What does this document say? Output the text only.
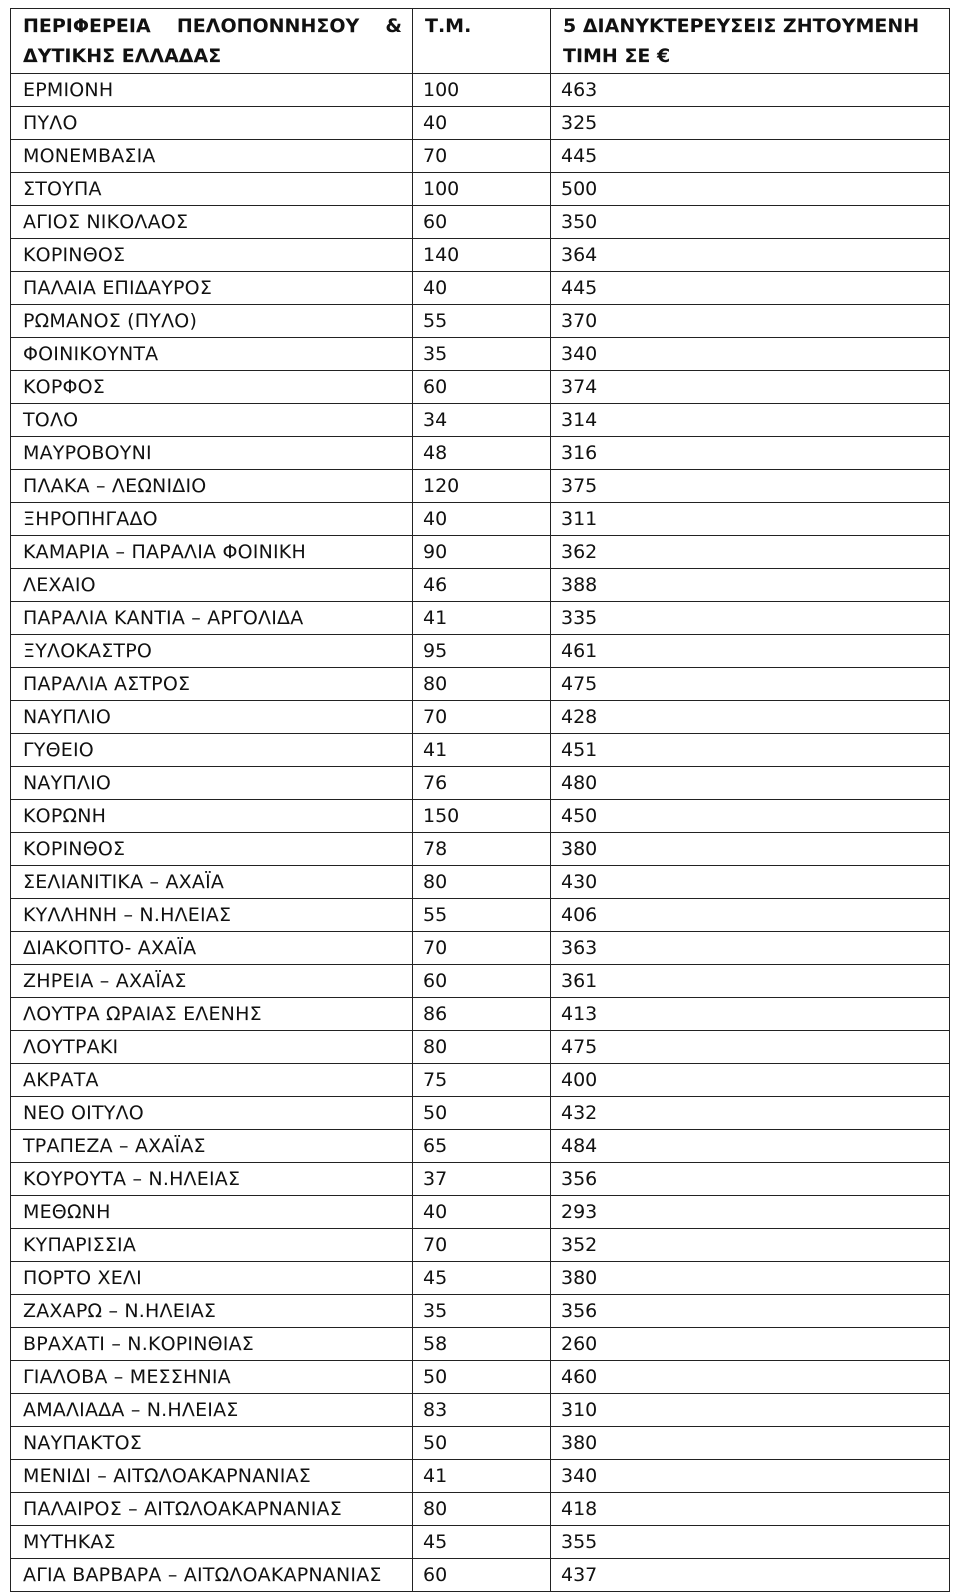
ΠΕΡΙΦΕΡΕΙΑ ΠΕΛΟΠΟΝΝΗΣΟΥ & ΔΥΤΙΚΗΣ ΕΛΛΑΔΑΣ	Τ.Μ.	5 ΔΙΑΝΥΚΤΕΡΕΥΣΕΙΣ ΖΗΤΟΥΜΕΝΗ ΤΙΜΗ ΣΕ €
ΕΡΜΙΟΝΗ	100	463
ΠΥΛΟ	40	325
ΜΟΝΕΜΒΑΣΙΑ	70	445
ΣΤΟΥΠΑ	100	500
ΑΓΙΟΣ ΝΙΚΟΛΑΟΣ	60	350
ΚΟΡΙΝΘΟΣ	140	364
ΠΑΛΑΙΑ ΕΠΙΔΑΥΡΟΣ	40	445
ΡΩΜΑΝΟΣ (ΠΥΛΟ)	55	370
ΦΟΙΝΙΚΟΥΝΤΑ	35	340
ΚΟΡΦΟΣ	60	374
ΤΟΛΟ	34	314
ΜΑΥΡΟΒΟΥΝΙ	48	316
ΠΛΑΚΑ – ΛΕΩΝΙΔΙΟ	120	375
ΞΗΡΟΠΗΓΑΔΟ	40	311
ΚΑΜΑΡΙΑ – ΠΑΡΑΛΙΑ ΦΟΙΝΙΚΗ	90	362
ΛΕΧΑΙΟ	46	388
ΠΑΡΑΛΙΑ ΚΑΝΤΙΑ – ΑΡΓΟΛΙΔΑ	41	335
ΞΥΛΟΚΑΣΤΡΟ	95	461
ΠΑΡΑΛΙΑ ΑΣΤΡΟΣ	80	475
ΝΑΥΠΛΙΟ	70	428
ΓΥΘΕΙΟ	41	451
ΝΑΥΠΛΙΟ	76	480
ΚΟΡΩΝΗ	150	450
ΚΟΡΙΝΘΟΣ	78	380
ΣΕΛΙΑΝΙΤΙΚΑ – ΑΧΑΪΑ	80	430
ΚΥΛΛΗΝΗ – Ν.ΗΛΕΙΑΣ	55	406
ΔΙΑΚΟΠΤΟ- ΑΧΑΪΑ	70	363
ΖΗΡΕΙΑ – ΑΧΑΪΑΣ	60	361
ΛΟΥΤΡΑ ΩΡΑΙΑΣ ΕΛΕΝΗΣ	86	413
ΛΟΥΤΡΑΚΙ	80	475
ΑΚΡΑΤΑ	75	400
ΝΕΟ ΟΙΤΥΛΟ	50	432
ΤΡΑΠΕΖΑ – ΑΧΑΪΑΣ	65	484
ΚΟΥΡΟΥΤΑ – Ν.ΗΛΕΙΑΣ	37	356
ΜΕΘΩΝΗ	40	293
ΚΥΠΑΡΙΣΣΙΑ	70	352
ΠΟΡΤΟ ΧΕΛΙ	45	380
ΖΑΧΑΡΩ – Ν.ΗΛΕΙΑΣ	35	356
ΒΡΑΧΑΤΙ – Ν.ΚΟΡΙΝΘΙΑΣ	58	260
ΓΙΑΛΟΒΑ – ΜΕΣΣΗΝΙΑ	50	460
ΑΜΑΛΙΑΔΑ – Ν.ΗΛΕΙΑΣ	83	310
ΝΑΥΠΑΚΤΟΣ	50	380
ΜΕΝΙΔΙ – ΑΙΤΩΛΟΑΚΑΡΝΑΝΙΑΣ	41	340
ΠΑΛΑΙΡΟΣ – ΑΙΤΩΛΟΑΚΑΡΝΑΝΙΑΣ	80	418
ΜΥΤΗΚΑΣ	45	355
ΑΓΙΑ ΒΑΡΒΑΡΑ – ΑΙΤΩΛΟΑΚΑΡΝΑΝΙΑΣ	60	437
